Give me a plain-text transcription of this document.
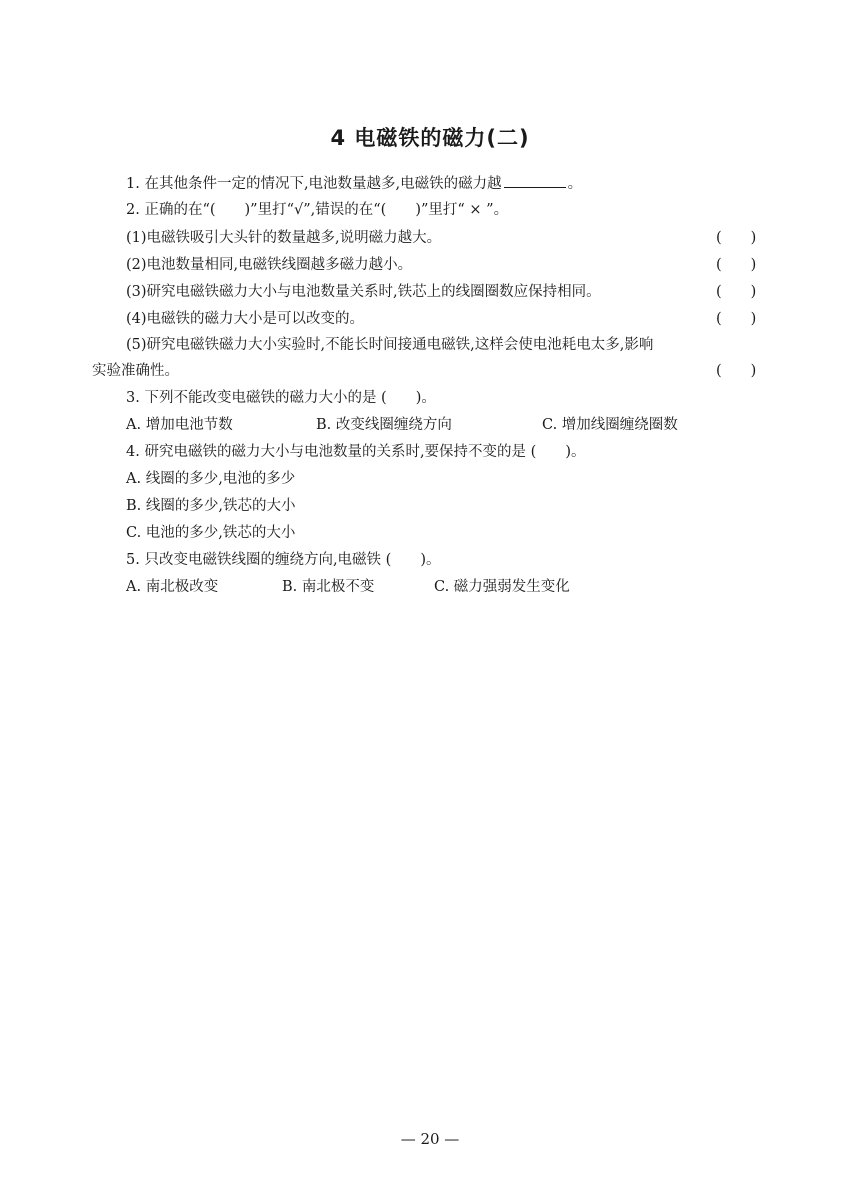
4 电磁铁的磁力(二)
1. 在其他条件一定的情况下,电池数量越多,电磁铁的磁力越	。
2. 正确的在“(　　)”里打“√”,错误的在“(　　)”里打“ × ”。
(1)电磁铁吸引大头针的数量越多,说明磁力越大。	(　　)
(2)电池数量相同,电磁铁线圈越多磁力越小。	(　　)
(3)研究电磁铁磁力大小与电池数量关系时,铁芯上的线圈圈数应保持相同。	(　　)
(4)电磁铁的磁力大小是可以改变的。	(　　)
(5)研究电磁铁磁力大小实验时,不能长时间接通电磁铁,这样会使电池耗电太多,影响
实验准确性。	(　　)
3. 下列不能改变电磁铁的磁力大小的是 (　　)。
A. 增加电池节数	B. 改变线圈缠绕方向	C. 增加线圈缠绕圈数
4. 研究电磁铁的磁力大小与电池数量的关系时,要保持不变的是 (　　)。
A. 线圈的多少,电池的多少
B. 线圈的多少,铁芯的大小
C. 电池的多少,铁芯的大小
5. 只改变电磁铁线圈的缠绕方向,电磁铁 (　　)。
A. 南北极改变	B. 南北极不变	C. 磁力强弱发生变化
— 20 —
